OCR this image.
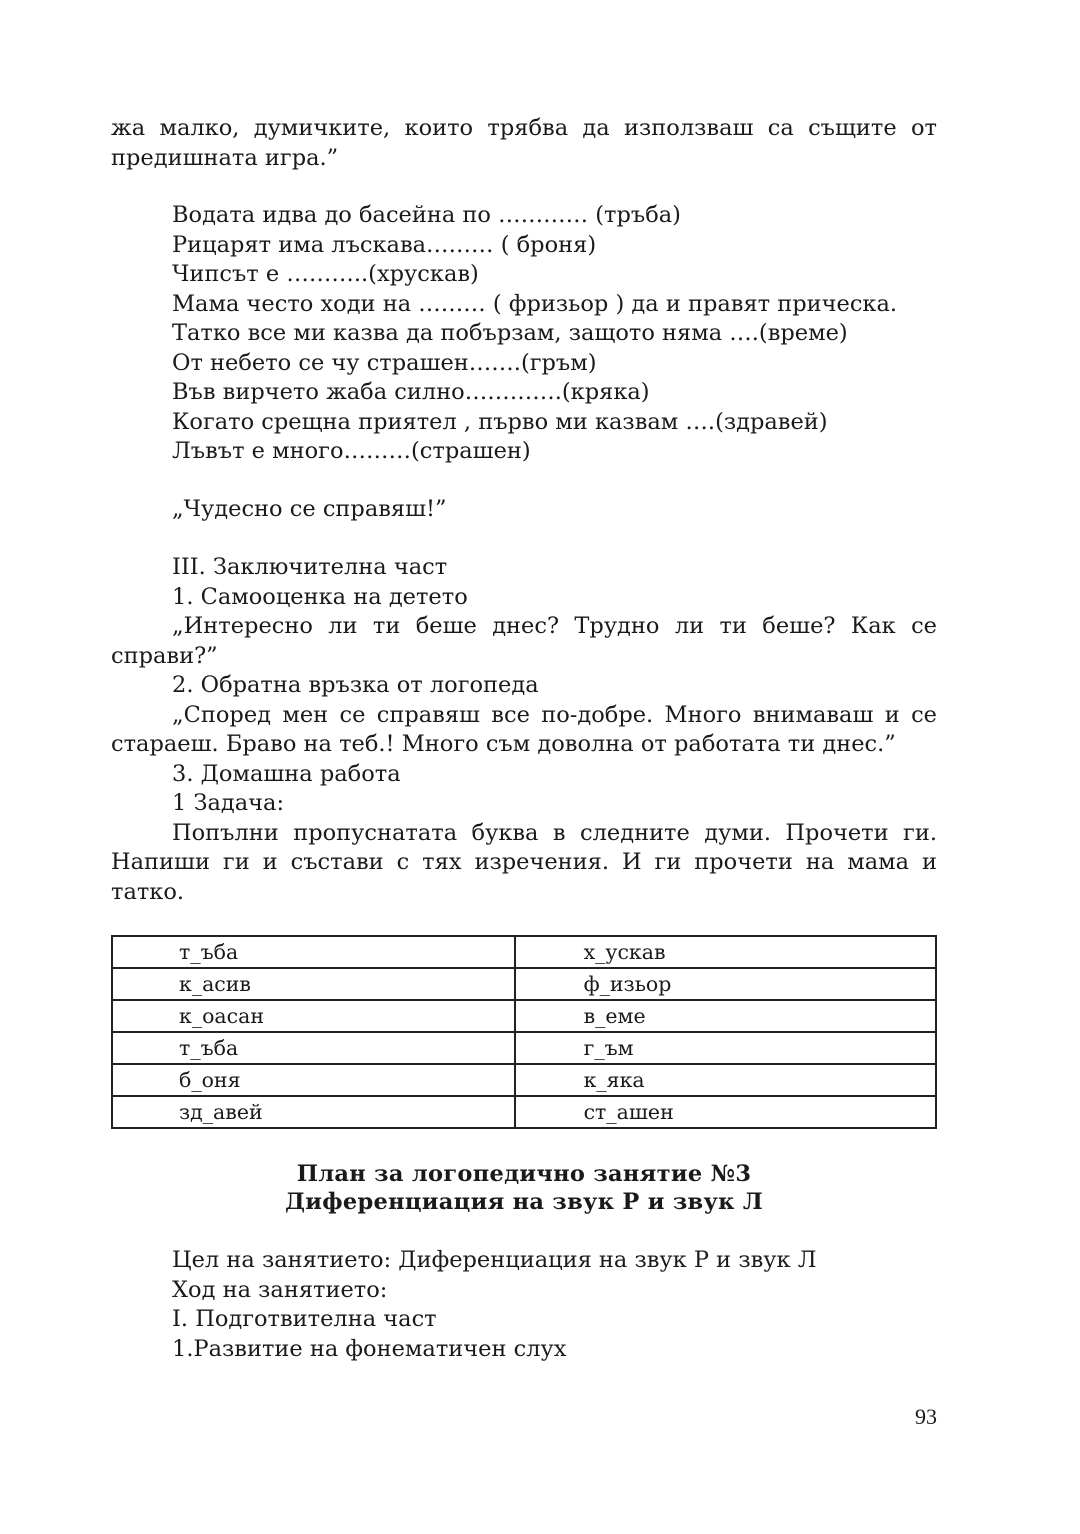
жа малко, думичките, които трябва да използваш са същите от предишната игра.”

Водата идва до басейна по ………… (тръба)
Рицарят има лъскава……… ( броня)
Чипсът е ………..(хрускав)
Мама често ходи на ……… ( фризьор ) да и правят прическа.
Татко все ми казва да побързам, защото няма ….(време)
От небето се чу страшен…….(гръм)
Във вирчето жаба силно………….(кряка)
Когато срещна приятел , първо ми казвам ….(здравей)
Лъвът е много………(страшен)
„Чудесно се справяш!”
III. Заключителна част
1. Самооценка на детето

„Интересно ли ти беше днес? Трудно ли ти беше? Как се справи?”

2. Обратна връзка от логопеда

„Според мен се справяш все по-добре. Много внимаваш и се стараеш. Браво на теб.! Много съм доволна от работата ти днес.”

3. Домашна работа
1 Задача:

Попълни пропуснатата буква в следните думи. Прочети ги. Напиши ги и състави с тях изречения. И ги прочети на мама и татко.

т_ъба	х_ускав
к_асив	ф_изьор
к_оасан	в_еме
т_ъба	г_ъм
б_оня	к_яка
зд_авей	ст_ашен
План за логопедично занятие №3
Диференциация на звук Р и звук Л
Цел на занятието: Диференциация на звук Р и звук Л
Ход на занятието:
I. Подготвителна част
1.Развитие на фонематичен слух
93
